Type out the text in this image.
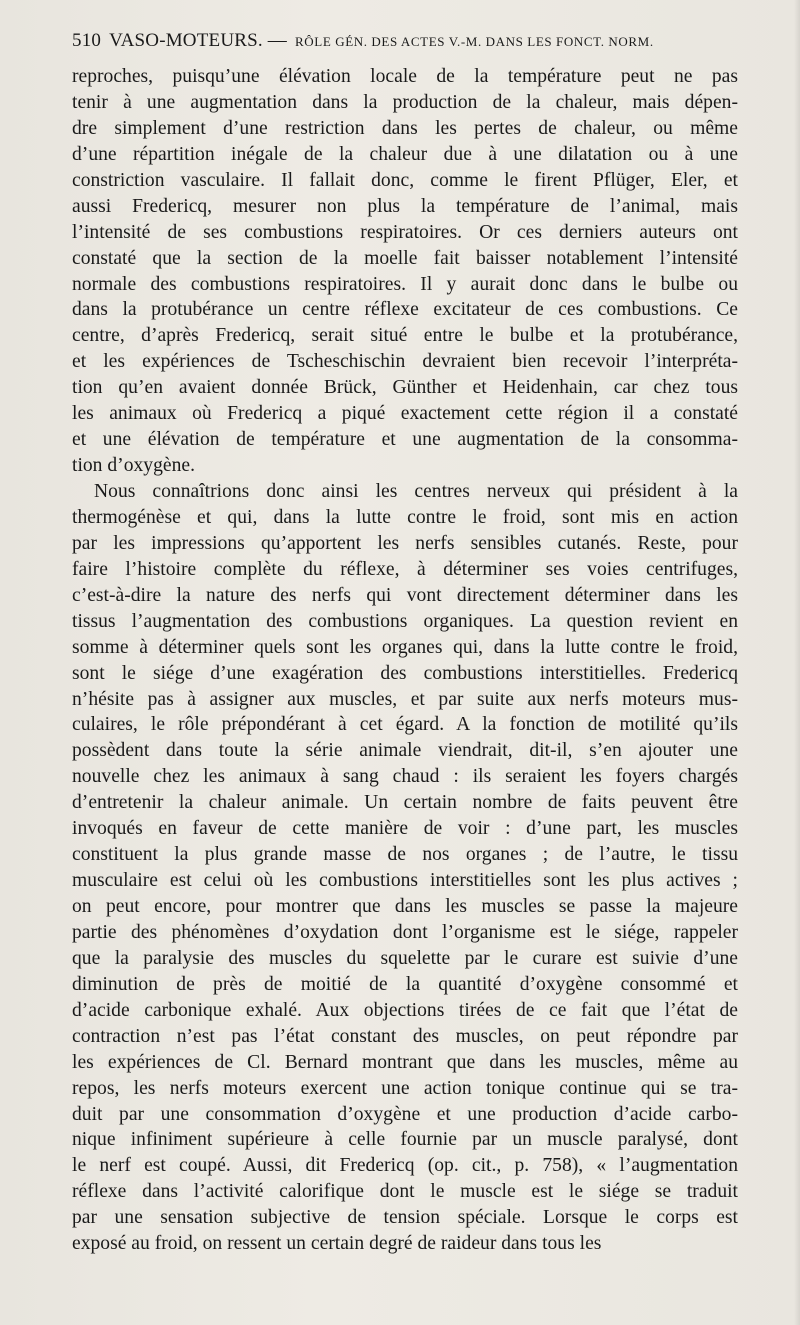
510 VASO-MOTEURS. — RÔLE GÉN. DES ACTES V.-M. DANS LES FONCT. NORM.
reproches, puisqu’une élévation locale de la température peut ne pas
tenir à une augmentation dans la production de la chaleur, mais dépen-
dre simplement d’une restriction dans les pertes de chaleur, ou même
d’une répartition inégale de la chaleur due à une dilatation ou à une
constriction vasculaire. Il fallait donc, comme le firent Pflüger, Eler, et
aussi Fredericq, mesurer non plus la température de l’animal, mais
l’intensité de ses combustions respiratoires. Or ces derniers auteurs ont
constaté que la section de la moelle fait baisser notablement l’intensité
normale des combustions respiratoires. Il y aurait donc dans le bulbe ou
dans la protubérance un centre réflexe excitateur de ces combustions. Ce
centre, d’après Fredericq, serait situé entre le bulbe et la protubérance,
et les expériences de Tscheschischin devraient bien recevoir l’interpréta-
tion qu’en avaient donnée Brück, Günther et Heidenhain, car chez tous
les animaux où Fredericq a piqué exactement cette région il a constaté
et une élévation de température et une augmentation de la consomma-
tion d’oxygène.
Nous connaîtrions donc ainsi les centres nerveux qui président à la
thermogénèse et qui, dans la lutte contre le froid, sont mis en action
par les impressions qu’apportent les nerfs sensibles cutanés. Reste, pour
faire l’histoire complète du réflexe, à déterminer ses voies centrifuges,
c’est-à-dire la nature des nerfs qui vont directement déterminer dans les
tissus l’augmentation des combustions organiques. La question revient en
somme à déterminer quels sont les organes qui, dans la lutte contre le froid,
sont le siége d’une exagération des combustions interstitielles. Fredericq
n’hésite pas à assigner aux muscles, et par suite aux nerfs moteurs mus-
culaires, le rôle prépondérant à cet égard. A la fonction de motilité qu’ils
possèdent dans toute la série animale viendrait, dit-il, s’en ajouter une
nouvelle chez les animaux à sang chaud : ils seraient les foyers chargés
d’entretenir la chaleur animale. Un certain nombre de faits peuvent être
invoqués en faveur de cette manière de voir : d’une part, les muscles
constituent la plus grande masse de nos organes ; de l’autre, le tissu
musculaire est celui où les combustions interstitielles sont les plus actives ;
on peut encore, pour montrer que dans les muscles se passe la majeure
partie des phénomènes d’oxydation dont l’organisme est le siége, rappeler
que la paralysie des muscles du squelette par le curare est suivie d’une
diminution de près de moitié de la quantité d’oxygène consommé et
d’acide carbonique exhalé. Aux objections tirées de ce fait que l’état de
contraction n’est pas l’état constant des muscles, on peut répondre par
les expériences de Cl. Bernard montrant que dans les muscles, même au
repos, les nerfs moteurs exercent une action tonique continue qui se tra-
duit par une consommation d’oxygène et une production d’acide carbo-
nique infiniment supérieure à celle fournie par un muscle paralysé, dont
le nerf est coupé. Aussi, dit Fredericq (op. cit., p. 758), « l’augmentation
réflexe dans l’activité calorifique dont le muscle est le siége se traduit
par une sensation subjective de tension spéciale. Lorsque le corps est
exposé au froid, on ressent un certain degré de raideur dans tous les
